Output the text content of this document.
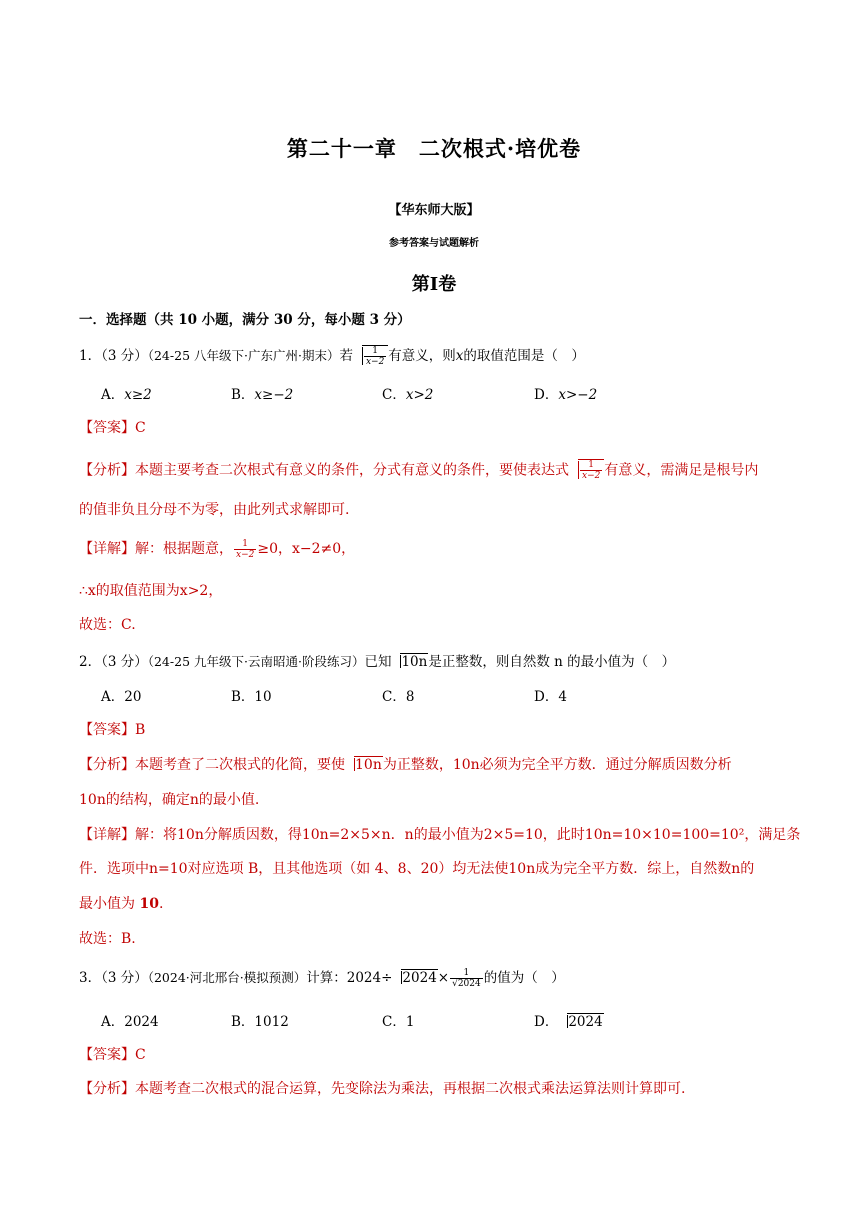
第二十一章　二次根式·培优卷
【华东师大版】
参考答案与试题解析
第I卷
一．选择题（共 10 小题，满分 30 分，每小题 3 分）
1．（3 分）（24-25 八年级下·广东广州·期末）若 $\frac{1}{x-2}$ 有意义，则x的取值范围是（　）
A．x≥2	B．x≥−2	C．x>2	D．x>−2
【答案】C
【分析】本题主要考查二次根式有意义的条件，分式有意义的条件，要使表达式 $\frac{1}{x-2}$ 有意义，需满足是根号内
的值非负且分母不为零，由此列式求解即可.
【详解】解：根据题意， $\frac{1}{x-2} \ge 0$，x−2≠0，
∴x的取值范围为x>2，
故选：C.
2．（3 分）（24-25 九年级下·云南昭通·阶段练习）已知 10n是正整数，则自然数 n 的最小值为（　）
A．20	B．10	C．8	D．4
【答案】B
【分析】本题考查了二次根式的化简，要使 10n为正整数，10n必须为完全平方数．通过分解质因数分析
10n的结构，确定n的最小值.
【详解】解：将10n分解质因数，得10n=2×5×n．n的最小值为2×5=10，此时10n=10×10=100=10²，满足条
件．选项中n=10对应选项 B，且其他选项（如 4、8、20）均无法使10n成为完全平方数．综上，自然数n的
最小值为 10.
故选：B.
3．（3 分）（2024·河北邢台·模拟预测）计算：$2024\div 2024\times \frac{1}{√2024}$ 的值为（　）
A．2024	B．1012	C．1	D． 2024
【答案】C
【分析】本题考查二次根式的混合运算，先变除法为乘法，再根据二次根式乘法运算法则计算即可.
